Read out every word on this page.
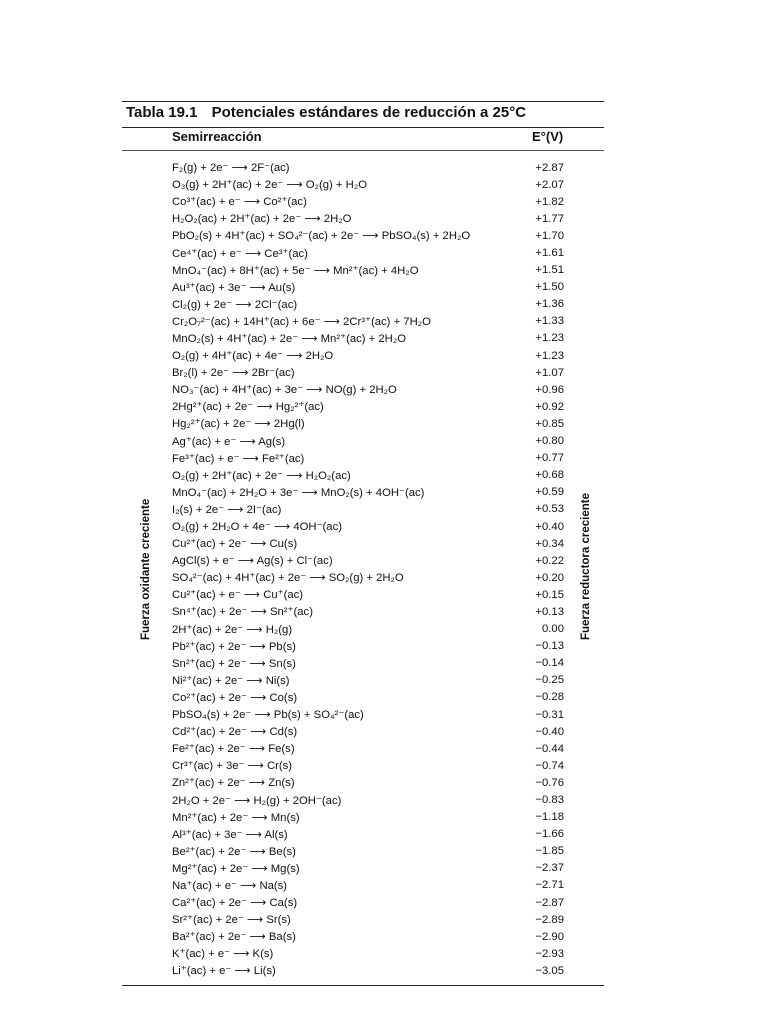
Tabla 19.1 Potenciales estándares de reducción a 25°C
Semirreacción	E°(V)
Fuerza oxidante creciente	Fuerza reductora creciente
F₂(g) + 2e⁻ ⟶ 2F⁻(ac)	+2.87
O₃(g) + 2H⁺(ac) + 2e⁻ ⟶ O₂(g) + H₂O	+2.07
Co³⁺(ac) + e⁻ ⟶ Co²⁺(ac)	+1.82
H₂O₂(ac) + 2H⁺(ac) + 2e⁻ ⟶ 2H₂O	+1.77
PbO₂(s) + 4H⁺(ac) + SO₄²⁻(ac) + 2e⁻ ⟶ PbSO₄(s) + 2H₂O	+1.70
Ce⁴⁺(ac) + e⁻ ⟶ Ce³⁺(ac)	+1.61
MnO₄⁻(ac) + 8H⁺(ac) + 5e⁻ ⟶ Mn²⁺(ac) + 4H₂O	+1.51
Au³⁺(ac) + 3e⁻ ⟶ Au(s)	+1.50
Cl₂(g) + 2e⁻ ⟶ 2Cl⁻(ac)	+1.36
Cr₂O₇²⁻(ac) + 14H⁺(ac) + 6e⁻ ⟶ 2Cr³⁺(ac) + 7H₂O	+1.33
MnO₂(s) + 4H⁺(ac) + 2e⁻ ⟶ Mn²⁺(ac) + 2H₂O	+1.23
O₂(g) + 4H⁺(ac) + 4e⁻ ⟶ 2H₂O	+1.23
Br₂(l) + 2e⁻ ⟶ 2Br⁻(ac)	+1.07
NO₃⁻(ac) + 4H⁺(ac) + 3e⁻ ⟶ NO(g) + 2H₂O	+0.96
2Hg²⁺(ac) + 2e⁻ ⟶ Hg₂²⁺(ac)	+0.92
Hg₂²⁺(ac) + 2e⁻ ⟶ 2Hg(l)	+0.85
Ag⁺(ac) + e⁻ ⟶ Ag(s)	+0.80
Fe³⁺(ac) + e⁻ ⟶ Fe²⁺(ac)	+0.77
O₂(g) + 2H⁺(ac) + 2e⁻ ⟶ H₂O₂(ac)	+0.68
MnO₄⁻(ac) + 2H₂O + 3e⁻ ⟶ MnO₂(s) + 4OH⁻(ac)	+0.59
I₂(s) + 2e⁻ ⟶ 2I⁻(ac)	+0.53
O₂(g) + 2H₂O + 4e⁻ ⟶ 4OH⁻(ac)	+0.40
Cu²⁺(ac) + 2e⁻ ⟶ Cu(s)	+0.34
AgCl(s) + e⁻ ⟶ Ag(s) + Cl⁻(ac)	+0.22
SO₄²⁻(ac) + 4H⁺(ac) + 2e⁻ ⟶ SO₂(g) + 2H₂O	+0.20
Cu²⁺(ac) + e⁻ ⟶ Cu⁺(ac)	+0.15
Sn⁴⁺(ac) + 2e⁻ ⟶ Sn²⁺(ac)	+0.13
2H⁺(ac) + 2e⁻ ⟶ H₂(g)	0.00
Pb²⁺(ac) + 2e⁻ ⟶ Pb(s)	−0.13
Sn²⁺(ac) + 2e⁻ ⟶ Sn(s)	−0.14
Ni²⁺(ac) + 2e⁻ ⟶ Ni(s)	−0.25
Co²⁺(ac) + 2e⁻ ⟶ Co(s)	−0.28
PbSO₄(s) + 2e⁻ ⟶ Pb(s) + SO₄²⁻(ac)	−0.31
Cd²⁺(ac) + 2e⁻ ⟶ Cd(s)	−0.40
Fe²⁺(ac) + 2e⁻ ⟶ Fe(s)	−0.44
Cr³⁺(ac) + 3e⁻ ⟶ Cr(s)	−0.74
Zn²⁺(ac) + 2e⁻ ⟶ Zn(s)	−0.76
2H₂O + 2e⁻ ⟶ H₂(g) + 2OH⁻(ac)	−0.83
Mn²⁺(ac) + 2e⁻ ⟶ Mn(s)	−1.18
Al³⁺(ac) + 3e⁻ ⟶ Al(s)	−1.66
Be²⁺(ac) + 2e⁻ ⟶ Be(s)	−1.85
Mg²⁺(ac) + 2e⁻ ⟶ Mg(s)	−2.37
Na⁺(ac) + e⁻ ⟶ Na(s)	−2.71
Ca²⁺(ac) + 2e⁻ ⟶ Ca(s)	−2.87
Sr²⁺(ac) + 2e⁻ ⟶ Sr(s)	−2.89
Ba²⁺(ac) + 2e⁻ ⟶ Ba(s)	−2.90
K⁺(ac) + e⁻ ⟶ K(s)	−2.93
Li⁺(ac) + e⁻ ⟶ Li(s)	−3.05
